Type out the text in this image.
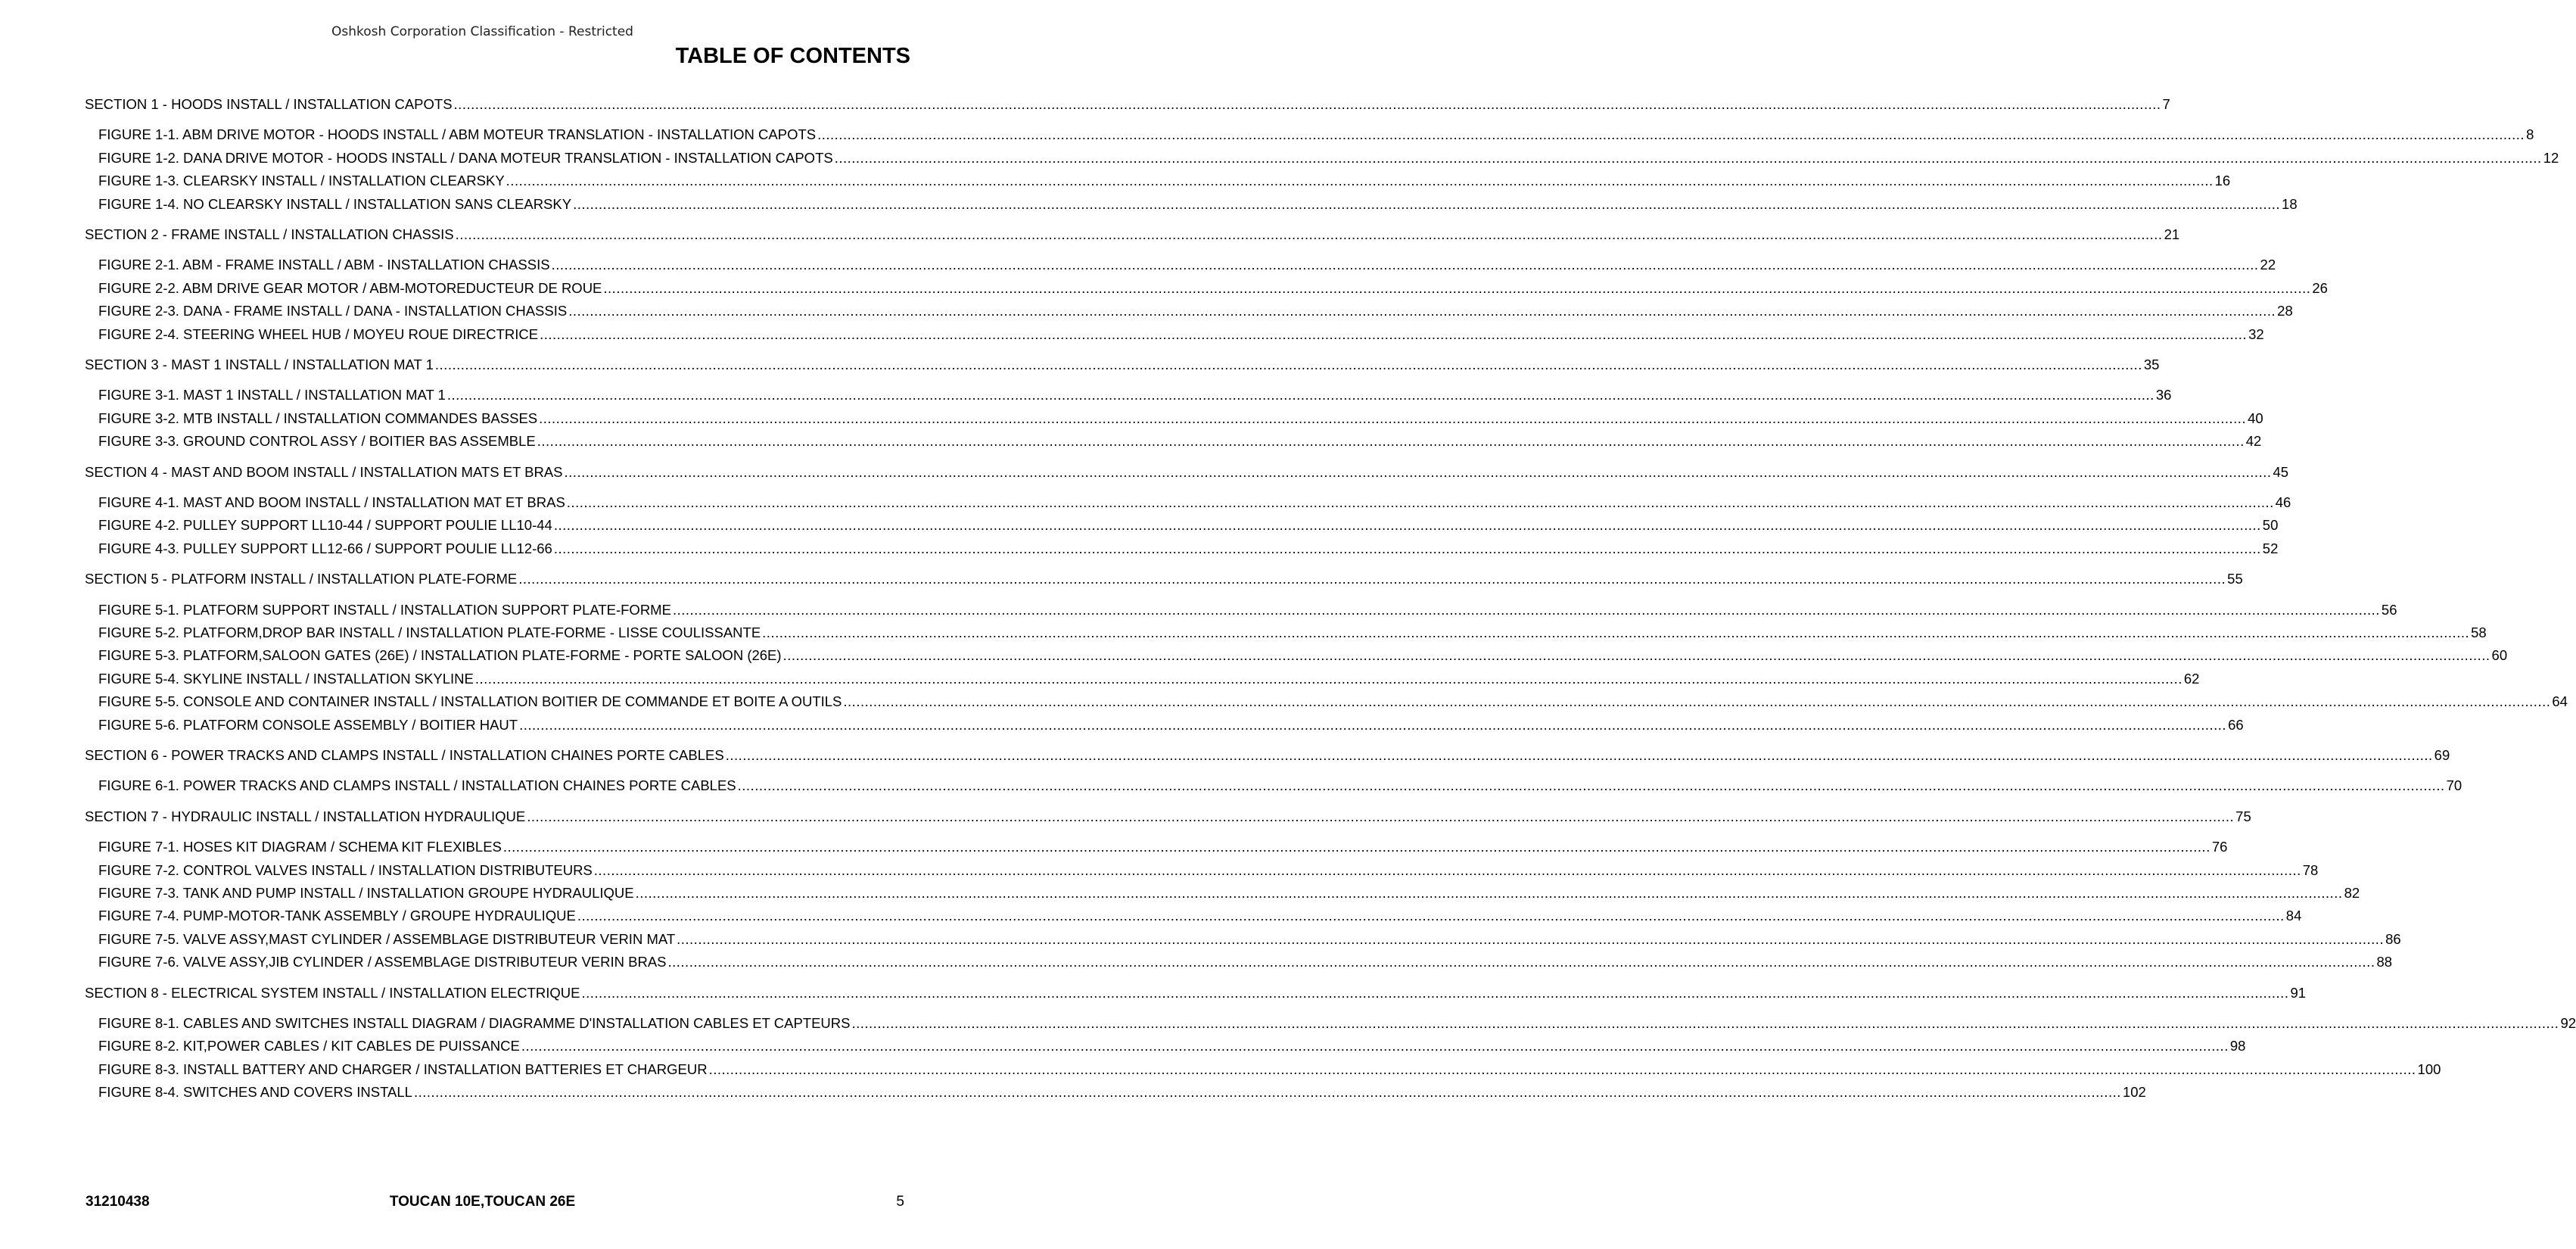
Oshkosh Corporation Classification - Restricted
TABLE OF CONTENTS
SECTION 1 - HOODS INSTALL / INSTALLATION CAPOTS ................................................................................................................................................................................................................................................................................................................................................................................................................ 7
FIGURE 1-1. ABM DRIVE MOTOR - HOODS INSTALL / ABM MOTEUR TRANSLATION - INSTALLATION CAPOTS ................................................................................................................................................................................................................................................................................................................................................................................................................ 8
FIGURE 1-2. DANA DRIVE MOTOR - HOODS INSTALL / DANA MOTEUR TRANSLATION - INSTALLATION CAPOTS ................................................................................................................................................................................................................................................................................................................................................................................................................ 12
FIGURE 1-3. CLEARSKY INSTALL / INSTALLATION CLEARSKY ................................................................................................................................................................................................................................................................................................................................................................................................................ 16
FIGURE 1-4. NO CLEARSKY INSTALL / INSTALLATION SANS CLEARSKY ................................................................................................................................................................................................................................................................................................................................................................................................................ 18
SECTION 2 - FRAME INSTALL / INSTALLATION CHASSIS ................................................................................................................................................................................................................................................................................................................................................................................................................ 21
FIGURE 2-1. ABM - FRAME INSTALL / ABM - INSTALLATION CHASSIS ................................................................................................................................................................................................................................................................................................................................................................................................................ 22
FIGURE 2-2. ABM DRIVE GEAR MOTOR / ABM-MOTOREDUCTEUR DE ROUE ................................................................................................................................................................................................................................................................................................................................................................................................................ 26
FIGURE 2-3. DANA - FRAME INSTALL / DANA - INSTALLATION CHASSIS ................................................................................................................................................................................................................................................................................................................................................................................................................ 28
FIGURE 2-4. STEERING WHEEL HUB / MOYEU ROUE DIRECTRICE ................................................................................................................................................................................................................................................................................................................................................................................................................ 32
SECTION 3 - MAST 1 INSTALL / INSTALLATION MAT 1 ................................................................................................................................................................................................................................................................................................................................................................................................................ 35
FIGURE 3-1. MAST 1 INSTALL / INSTALLATION MAT 1 ................................................................................................................................................................................................................................................................................................................................................................................................................ 36
FIGURE 3-2. MTB INSTALL / INSTALLATION COMMANDES BASSES ................................................................................................................................................................................................................................................................................................................................................................................................................ 40
FIGURE 3-3. GROUND CONTROL ASSY / BOITIER BAS ASSEMBLE ................................................................................................................................................................................................................................................................................................................................................................................................................ 42
SECTION 4 - MAST AND BOOM INSTALL / INSTALLATION MATS ET BRAS ................................................................................................................................................................................................................................................................................................................................................................................................................ 45
FIGURE 4-1. MAST AND BOOM INSTALL / INSTALLATION MAT ET BRAS ................................................................................................................................................................................................................................................................................................................................................................................................................ 46
FIGURE 4-2. PULLEY SUPPORT LL10-44 / SUPPORT POULIE LL10-44 ................................................................................................................................................................................................................................................................................................................................................................................................................ 50
FIGURE 4-3. PULLEY SUPPORT LL12-66 / SUPPORT POULIE LL12-66 ................................................................................................................................................................................................................................................................................................................................................................................................................ 52
SECTION 5 - PLATFORM INSTALL / INSTALLATION PLATE-FORME ................................................................................................................................................................................................................................................................................................................................................................................................................ 55
FIGURE 5-1. PLATFORM SUPPORT INSTALL / INSTALLATION SUPPORT PLATE-FORME ................................................................................................................................................................................................................................................................................................................................................................................................................ 56
FIGURE 5-2. PLATFORM,DROP BAR INSTALL / INSTALLATION PLATE-FORME - LISSE COULISSANTE ................................................................................................................................................................................................................................................................................................................................................................................................................ 58
FIGURE 5-3. PLATFORM,SALOON GATES (26E) / INSTALLATION PLATE-FORME - PORTE SALOON (26E) ................................................................................................................................................................................................................................................................................................................................................................................................................ 60
FIGURE 5-4. SKYLINE INSTALL / INSTALLATION SKYLINE ................................................................................................................................................................................................................................................................................................................................................................................................................ 62
FIGURE 5-5. CONSOLE AND CONTAINER INSTALL / INSTALLATION BOITIER DE COMMANDE ET BOITE A OUTILS ................................................................................................................................................................................................................................................................................................................................................................................................................ 64
FIGURE 5-6. PLATFORM CONSOLE ASSEMBLY / BOITIER HAUT ................................................................................................................................................................................................................................................................................................................................................................................................................ 66
SECTION 6 - POWER TRACKS AND CLAMPS INSTALL / INSTALLATION CHAINES PORTE CABLES ................................................................................................................................................................................................................................................................................................................................................................................................................ 69
FIGURE 6-1. POWER TRACKS AND CLAMPS INSTALL / INSTALLATION CHAINES PORTE CABLES ................................................................................................................................................................................................................................................................................................................................................................................................................ 70
SECTION 7 - HYDRAULIC INSTALL / INSTALLATION HYDRAULIQUE ................................................................................................................................................................................................................................................................................................................................................................................................................ 75
FIGURE 7-1. HOSES KIT DIAGRAM / SCHEMA KIT FLEXIBLES ................................................................................................................................................................................................................................................................................................................................................................................................................ 76
FIGURE 7-2. CONTROL VALVES INSTALL / INSTALLATION DISTRIBUTEURS ................................................................................................................................................................................................................................................................................................................................................................................................................ 78
FIGURE 7-3. TANK AND PUMP INSTALL / INSTALLATION GROUPE HYDRAULIQUE ................................................................................................................................................................................................................................................................................................................................................................................................................ 82
FIGURE 7-4. PUMP-MOTOR-TANK ASSEMBLY / GROUPE HYDRAULIQUE ................................................................................................................................................................................................................................................................................................................................................................................................................ 84
FIGURE 7-5. VALVE ASSY,MAST CYLINDER / ASSEMBLAGE DISTRIBUTEUR VERIN MAT ................................................................................................................................................................................................................................................................................................................................................................................................................ 86
FIGURE 7-6. VALVE ASSY,JIB CYLINDER / ASSEMBLAGE DISTRIBUTEUR VERIN BRAS ................................................................................................................................................................................................................................................................................................................................................................................................................ 88
SECTION 8 - ELECTRICAL SYSTEM INSTALL / INSTALLATION ELECTRIQUE ................................................................................................................................................................................................................................................................................................................................................................................................................ 91
FIGURE 8-1. CABLES AND SWITCHES INSTALL DIAGRAM / DIAGRAMME D'INSTALLATION CABLES ET CAPTEURS ................................................................................................................................................................................................................................................................................................................................................................................................................ 92
FIGURE 8-2. KIT,POWER CABLES / KIT CABLES DE PUISSANCE ................................................................................................................................................................................................................................................................................................................................................................................................................ 98
FIGURE 8-3. INSTALL BATTERY AND CHARGER / INSTALLATION BATTERIES ET CHARGEUR ................................................................................................................................................................................................................................................................................................................................................................................................................ 100
FIGURE 8-4. SWITCHES AND COVERS INSTALL ................................................................................................................................................................................................................................................................................................................................................................................................................ 102
31210438	TOUCAN 10E,TOUCAN 26E	5
